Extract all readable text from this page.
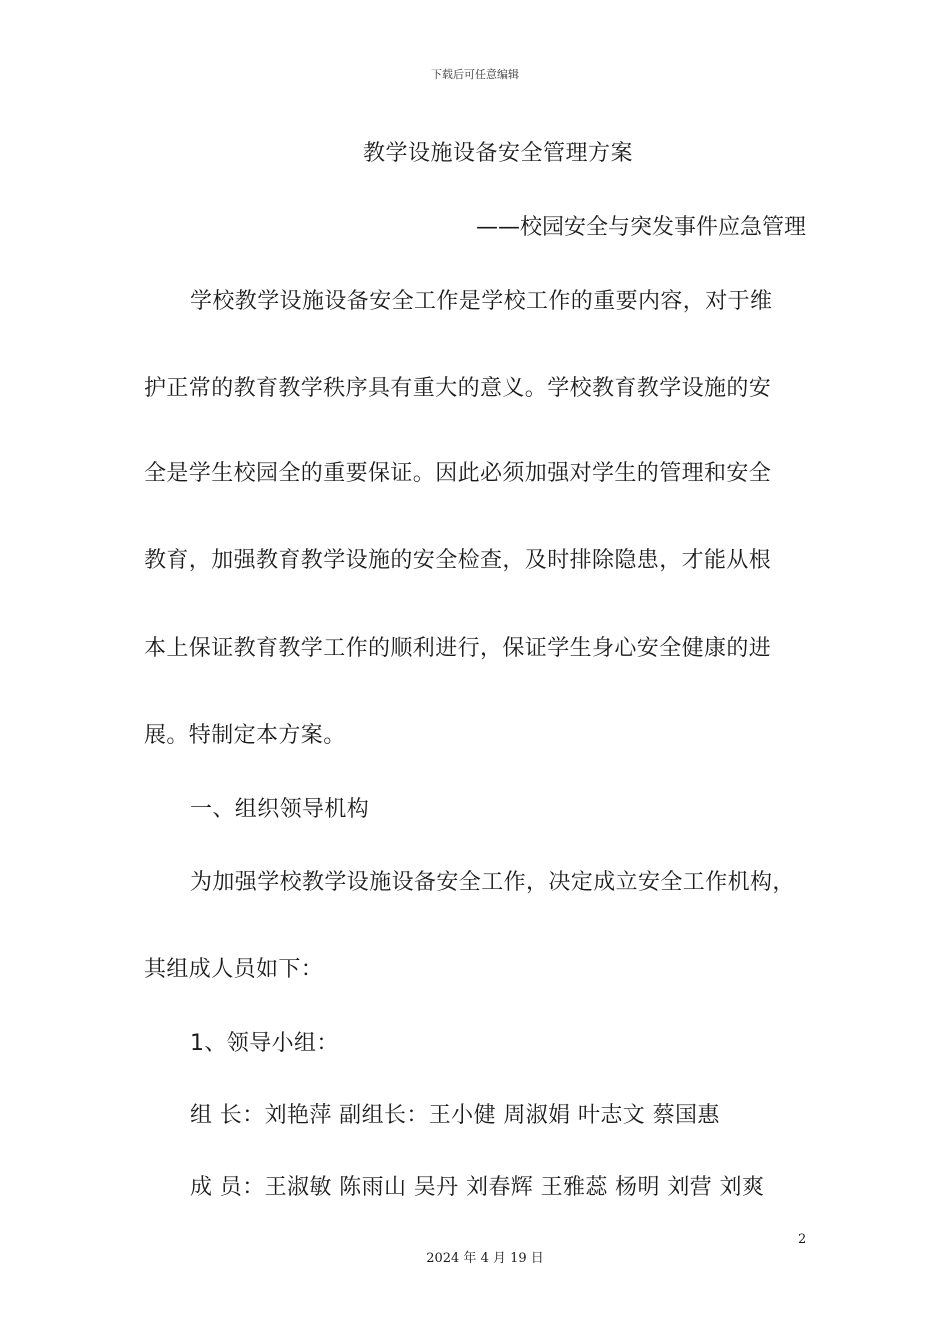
下载后可任意编辑
教学设施设备安全管理方案
——校园安全与突发事件应急管理
学校教学设施设备安全工作是学校工作的重要内容，对于维
护正常的教育教学秩序具有重大的意义。学校教育教学设施的安
全是学生校园全的重要保证。因此必须加强对学生的管理和安全
教育，加强教育教学设施的安全检查，及时排除隐患，才能从根
本上保证教育教学工作的顺利进行，保证学生身心安全健康的进
展。特制定本方案。
一、组织领导机构
为加强学校教学设施设备安全工作，决定成立安全工作机构，
其组成人员如下：
1、领导小组：
组 长：刘艳萍 副组长：王小健 周淑娟 叶志文 蔡国惠
成 员：王淑敏 陈雨山 吴丹 刘春辉 王雅蕊 杨明 刘营 刘爽
2
2024 年 4 月 19 日
